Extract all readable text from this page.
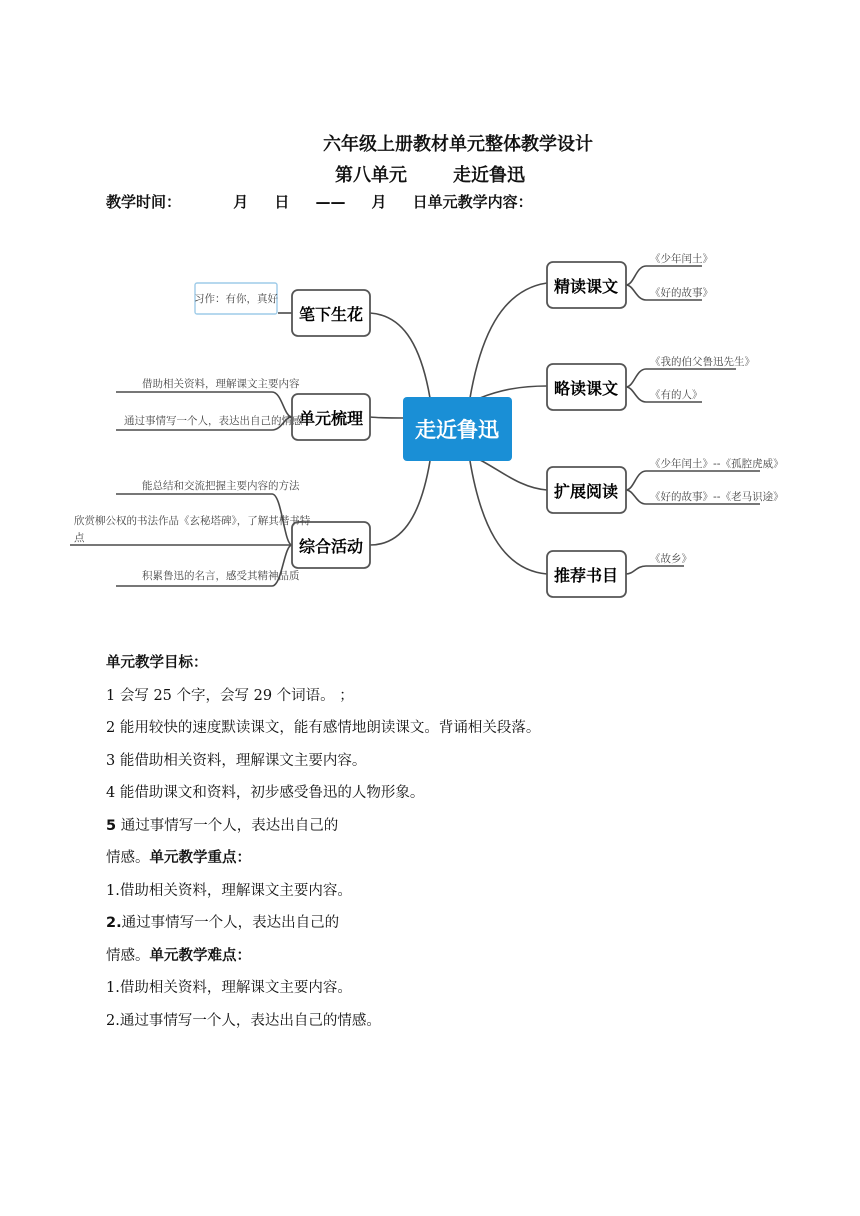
六年级上册教材单元整体教学设计
第八单元	走近鲁迅
教学时间：          月     日     ——     月     日单元教学内容：
走近鲁迅
精读课文
《少年闰土》
《好的故事》
略读课文
《我的伯父鲁迅先生》
《有的人》
扩展阅读
《少年闰土》--《孤腔虎威》
《好的故事》--《老马识途》
推荐书目
《故乡》
笔下生花
习作：有你，真好
单元梳理
借助相关资料，理解课文主要内容
通过事情写一个人，表达出自己的情感
综合活动
能总结和交流把握主要内容的方法
欣赏柳公权的书法作品《玄秘塔碑》，了解其楷书特
点
积累鲁迅的名言，感受其精神品质
单元教学目标：
1 会写 25 个字，会写 29 个词语。 ；
2 能用较快的速度默读课文，能有感情地朗读课文。背诵相关段落。
3 能借助相关资料，理解课文主要内容。
4 能借助课文和资料，初步感受鲁迅的人物形象。
5 通过事情写一个人，表达出自己的
情感。单元教学重点：
1.借助相关资料，理解课文主要内容。
2.通过事情写一个人，表达出自己的
情感。单元教学难点：
1.借助相关资料，理解课文主要内容。
2.通过事情写一个人，表达出自己的情感。
